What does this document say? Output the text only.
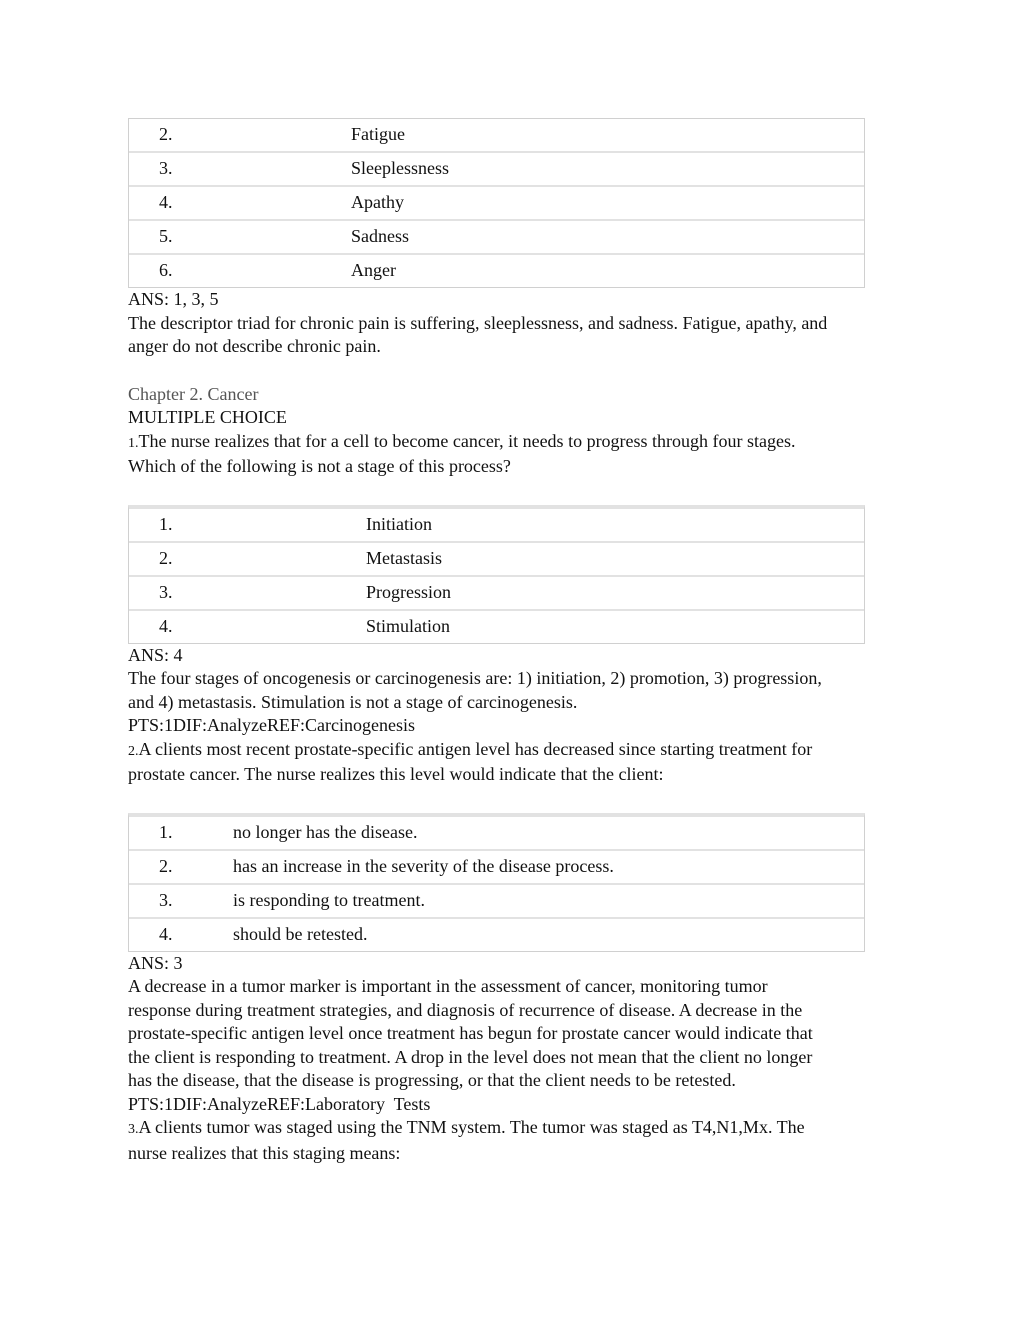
2.	Fatigue
3.	Sleeplessness
4.	Apathy
5.	Sadness
6.	Anger
ANS: 1, 3, 5
The descriptor triad for chronic pain is suffering, sleeplessness, and sadness. Fatigue, apathy, and
anger do not describe chronic pain.
Chapter 2. Cancer
MULTIPLE CHOICE
1.The nurse realizes that for a cell to become cancer, it needs to progress through four stages.
Which of the following is not a stage of this process?
1.	Initiation
2.	Metastasis
3.	Progression
4.	Stimulation
ANS: 4
The four stages of oncogenesis or carcinogenesis are: 1) initiation, 2) promotion, 3) progression,
and 4) metastasis. Stimulation is not a stage of carcinogenesis.
PTS:1DIF:AnalyzeREF:Carcinogenesis
2.A clients most recent prostate-specific antigen level has decreased since starting treatment for
prostate cancer. The nurse realizes this level would indicate that the client:
1.	no longer has the disease.
2.	has an increase in the severity of the disease process.
3.	is responding to treatment.
4.	should be retested.
ANS: 3
A decrease in a tumor marker is important in the assessment of cancer, monitoring tumor
response during treatment strategies, and diagnosis of recurrence of disease. A decrease in the
prostate-specific antigen level once treatment has begun for prostate cancer would indicate that
the client is responding to treatment. A drop in the level does not mean that the client no longer
has the disease, that the disease is progressing, or that the client needs to be retested.
PTS:1DIF:AnalyzeREF:Laboratory  Tests
3.A clients tumor was staged using the TNM system. The tumor was staged as T4,N1,Mx. The
nurse realizes that this staging means:
